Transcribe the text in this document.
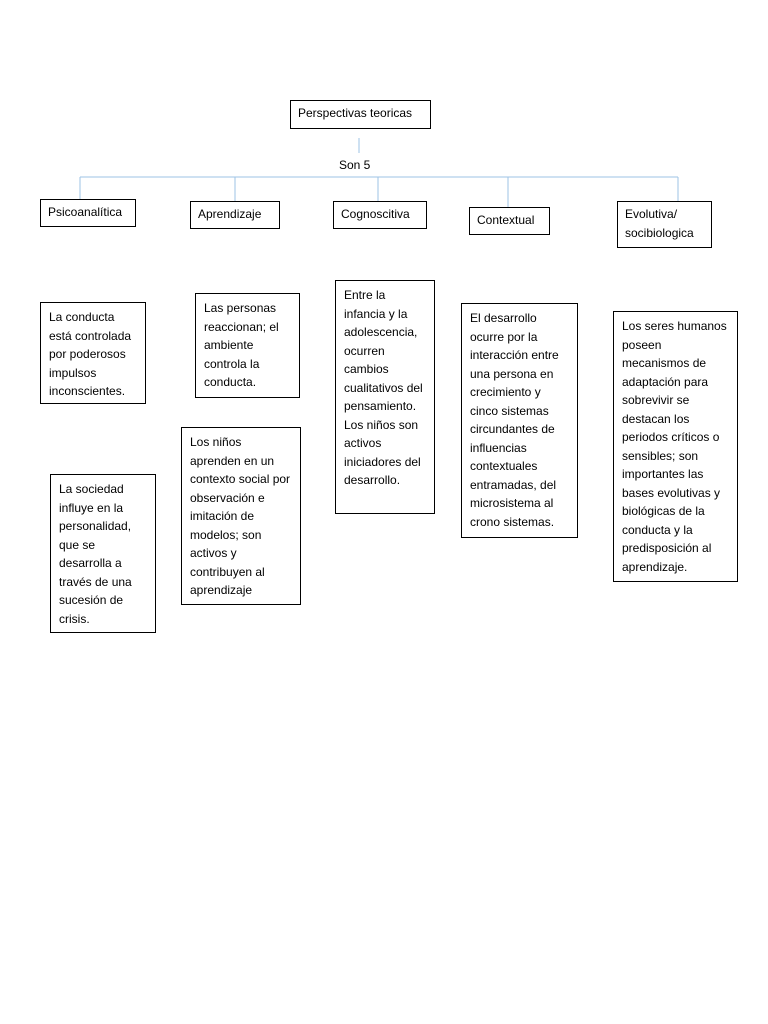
Perspectivas teoricas
Son 5
Psicoanalítica	Aprendizaje	Cognoscitiva	Contextual	Evolutiva/ socibiologica
La conducta está controlada por poderosos impulsos inconscientes.
La sociedad influye en la personalidad, que se desarrolla a través de una sucesión de crisis.
Las personas reaccionan; el ambiente controla la conducta.
Los niños aprenden en un contexto social por observación e imitación de modelos; son activos y contribuyen al aprendizaje
Entre la infancia y la adolescencia, ocurren cambios cualitativos del pensamiento. Los niños son activos iniciadores del desarrollo.
El desarrollo ocurre por la interacción entre una persona en crecimiento y cinco sistemas circundantes de influencias contextuales entramadas, del microsistema al crono sistemas.
Los seres humanos poseen mecanismos de adaptación para sobrevivir se destacan los periodos críticos o sensibles; son importantes las bases evolutivas y biológicas de la conducta y la predisposición al aprendizaje.
